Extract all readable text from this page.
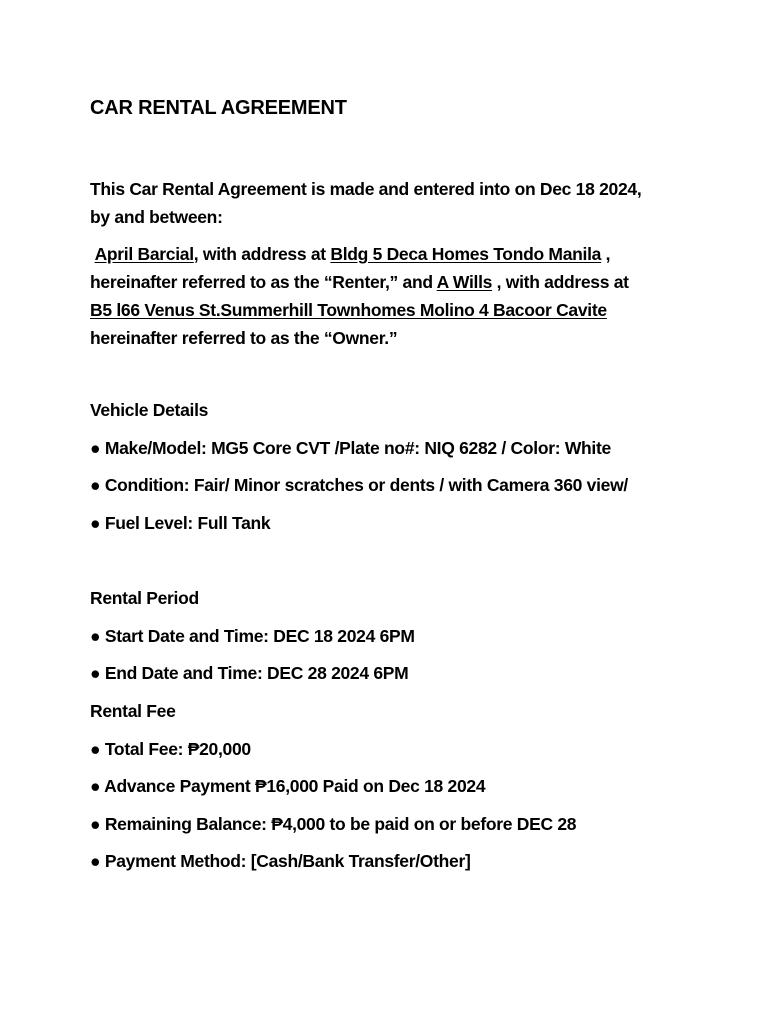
CAR RENTAL AGREEMENT
This Car Rental Agreement is made and entered into on Dec 18 2024,
by and between:
April Barcial, with address at Bldg 5 Deca Homes Tondo Manila ,
hereinafter referred to as the “Renter,” and A Wills , with address at
B5 l66 Venus St.Summerhill Townhomes Molino 4 Bacoor Cavite
hereinafter referred to as the “Owner.”
Vehicle Details
● Make/Model: MG5 Core CVT /Plate no#: NIQ 6282 / Color: White
● Condition: Fair/ Minor scratches or dents / with Camera 360 view/
● Fuel Level: Full Tank
Rental Period
● Start Date and Time: DEC 18 2024 6PM
● End Date and Time: DEC 28 2024 6PM
Rental Fee
● Total Fee: ₱20,000
● Advance Payment ₱16,000 Paid on Dec 18 2024
● Remaining Balance: ₱4,000 to be paid on or before DEC 28
● Payment Method: [Cash/Bank Transfer/Other]
